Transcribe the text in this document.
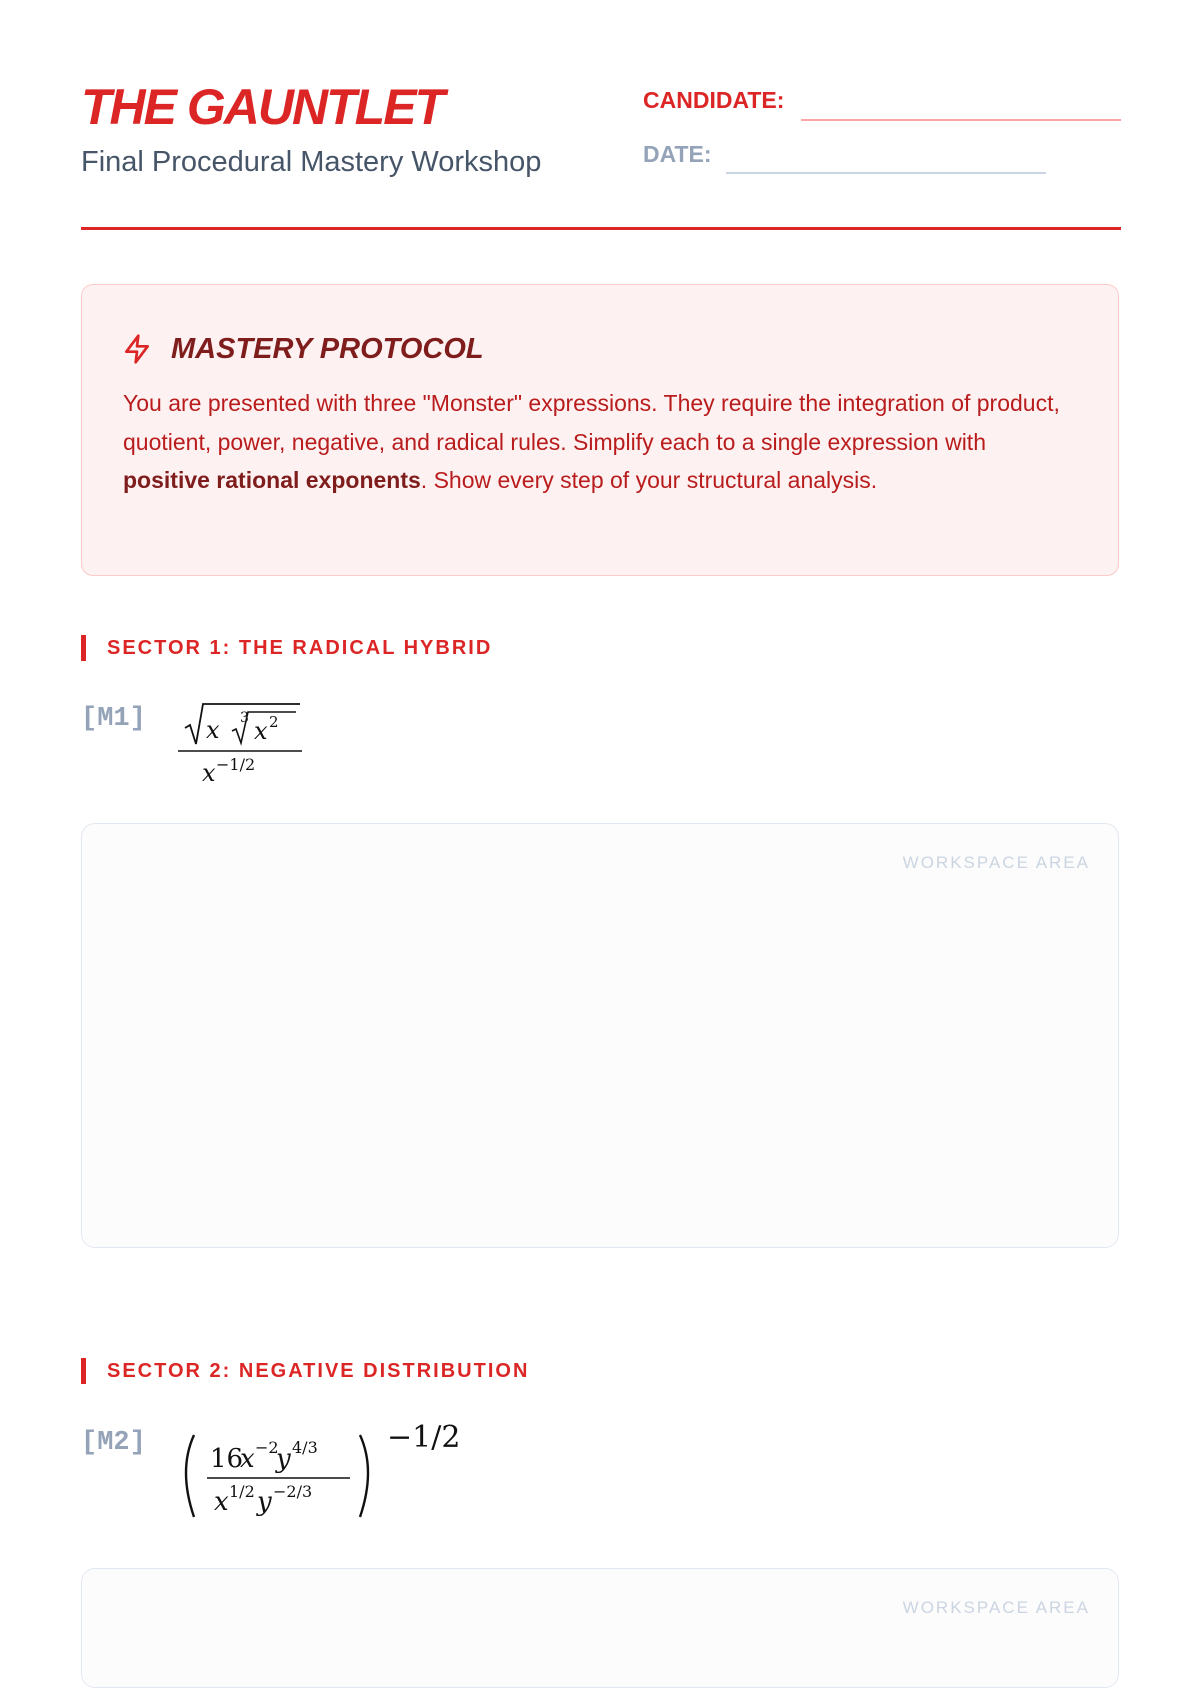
THE GAUNTLET
Final Procedural Mastery Workshop
CANDIDATE:
DATE:
MASTERY PROTOCOL
You are presented with three "Monster" expressions. They require the integration of product, quotient, power, negative, and radical rules. Simplify each to a single expression with positive rational exponents. Show every step of your structural analysis.
SECTOR 1: THE RADICAL HYBRID
[M1]	x 3 x 2
x −1/2
WORKSPACE AREA
SECTOR 2: NEGATIVE DISTRIBUTION
[M2]
16
x −2
y 4/3
x 1/2 y −2/3
−1/2
WORKSPACE AREA
